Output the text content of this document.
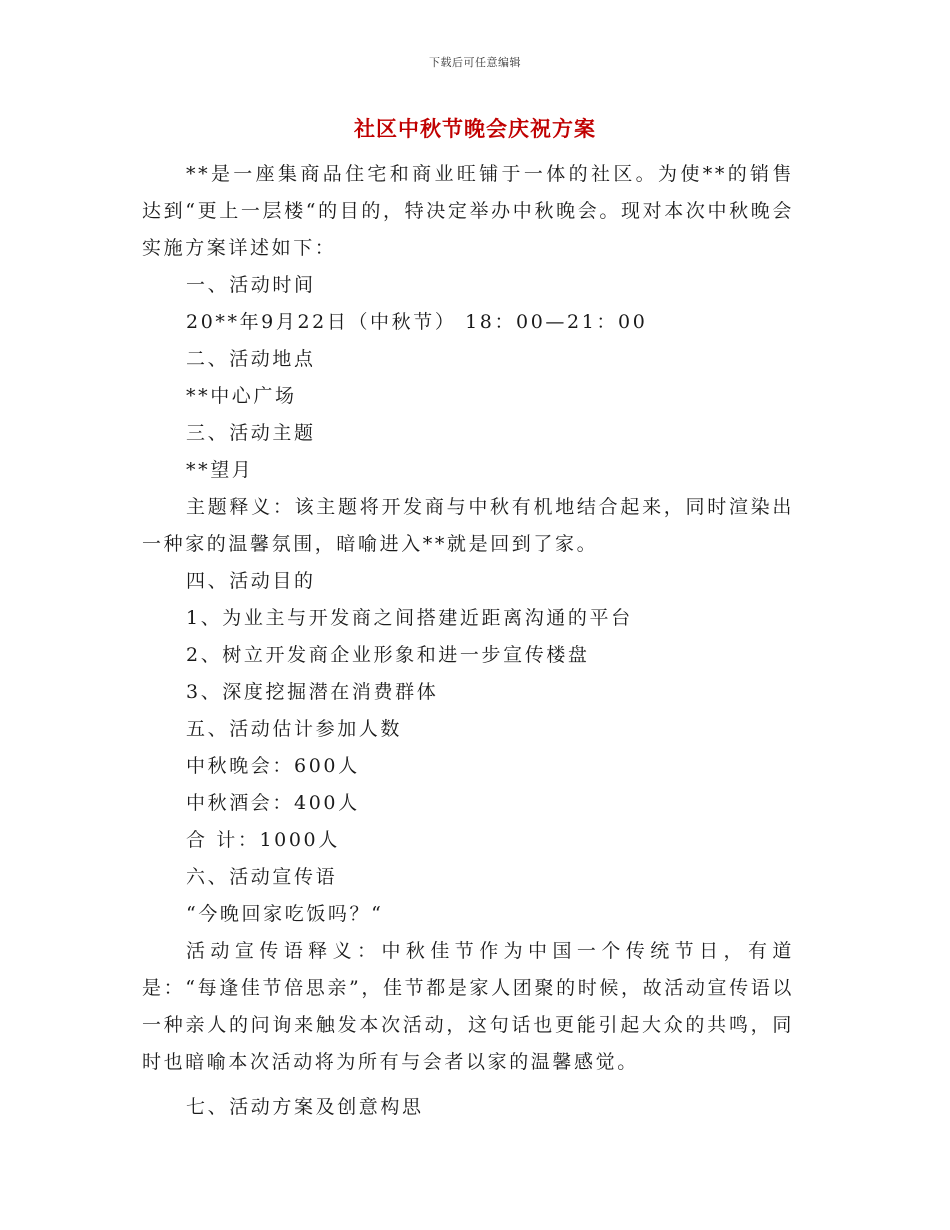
下载后可任意编辑
社区中秋节晚会庆祝方案

**是一座集商品住宅和商业旺铺于一体的社区。为使**的销售达到“更上一层楼“的目的，特决定举办中秋晚会。现对本次中秋晚会实施方案详述如下：

一、活动时间

20**年9月22日（中秋节） 18：00—21：00

二、活动地点

**中心广场

三、活动主题

**望月

主题释义：该主题将开发商与中秋有机地结合起来，同时渲染出一种家的温馨氛围，暗喻进入**就是回到了家。

四、活动目的

1、为业主与开发商之间搭建近距离沟通的平台

2、树立开发商企业形象和进一步宣传楼盘

3、深度挖掘潜在消费群体

五、活动估计参加人数

中秋晚会：600人

中秋酒会：400人

合 计：1000人

六、活动宣传语

“今晚回家吃饭吗？“

活动宣传语释义：中秋佳节作为中国一个传统节日，有道是：“每逢佳节倍思亲”，佳节都是家人团聚的时候，故活动宣传语以一种亲人的问询来触发本次活动，这句话也更能引起大众的共鸣，同时也暗喻本次活动将为所有与会者以家的温馨感觉。

七、活动方案及创意构思
